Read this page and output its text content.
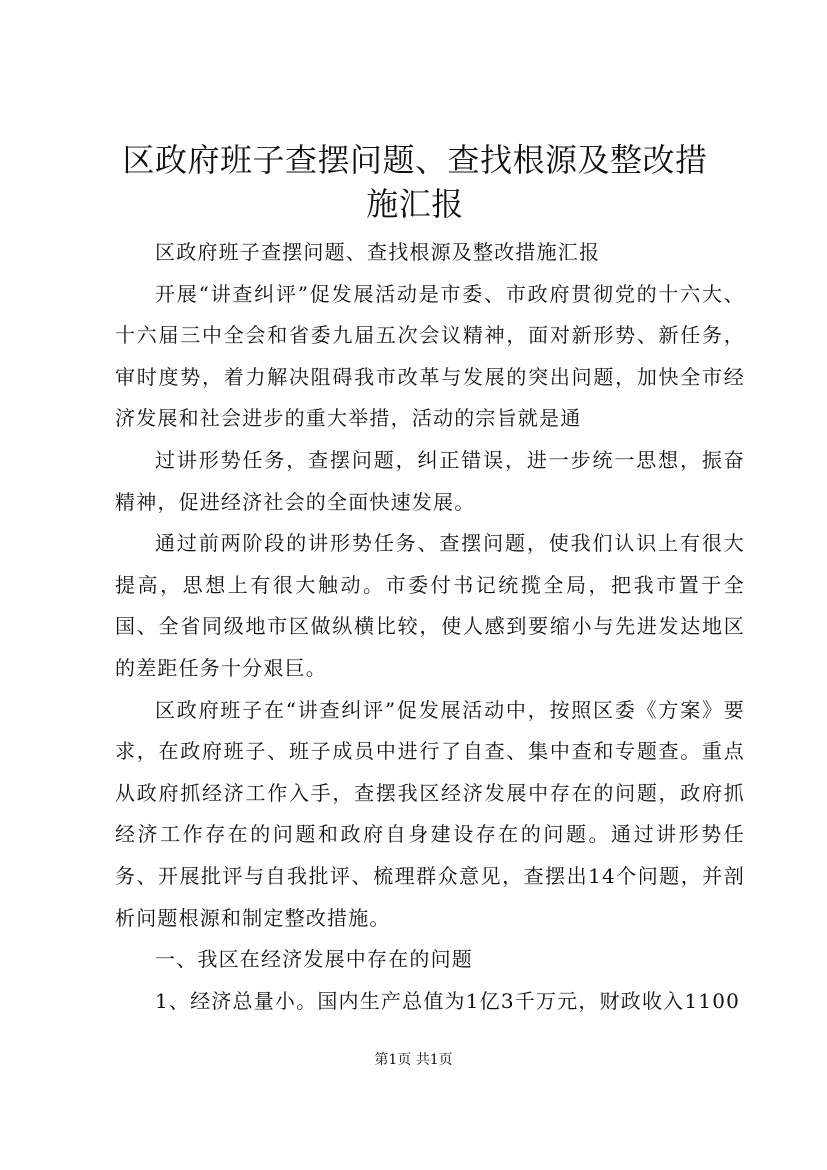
区政府班子查摆问题、查找根源及整改措施汇报

区政府班子查摆问题、查找根源及整改措施汇报

开展“讲查纠评”促发展活动是市委、市政府贯彻党的十六大、十六届三中全会和省委九届五次会议精神，面对新形势、新任务，审时度势，着力解决阻碍我市改革与发展的突出问题，加快全市经济发展和社会进步的重大举措，活动的宗旨就是通

过讲形势任务，查摆问题，纠正错误，进一步统一思想，振奋精神，促进经济社会的全面快速发展。

通过前两阶段的讲形势任务、查摆问题，使我们认识上有很大提高，思想上有很大触动。市委付书记统揽全局，把我市置于全国、全省同级地市区做纵横比较，使人感到要缩小与先进发达地区的差距任务十分艰巨。

区政府班子在“讲查纠评”促发展活动中，按照区委《方案》要求，在政府班子、班子成员中进行了自查、集中查和专题查。重点从政府抓经济工作入手，查摆我区经济发展中存在的问题，政府抓经济工作存在的问题和政府自身建设存在的问题。通过讲形势任务、开展批评与自我批评、梳理群众意见，查摆出14个问题，并剖析问题根源和制定整改措施。

一、我区在经济发展中存在的问题

1、经济总量小。国内生产总值为1亿3千万元，财政收入1100

第1页 共1页
